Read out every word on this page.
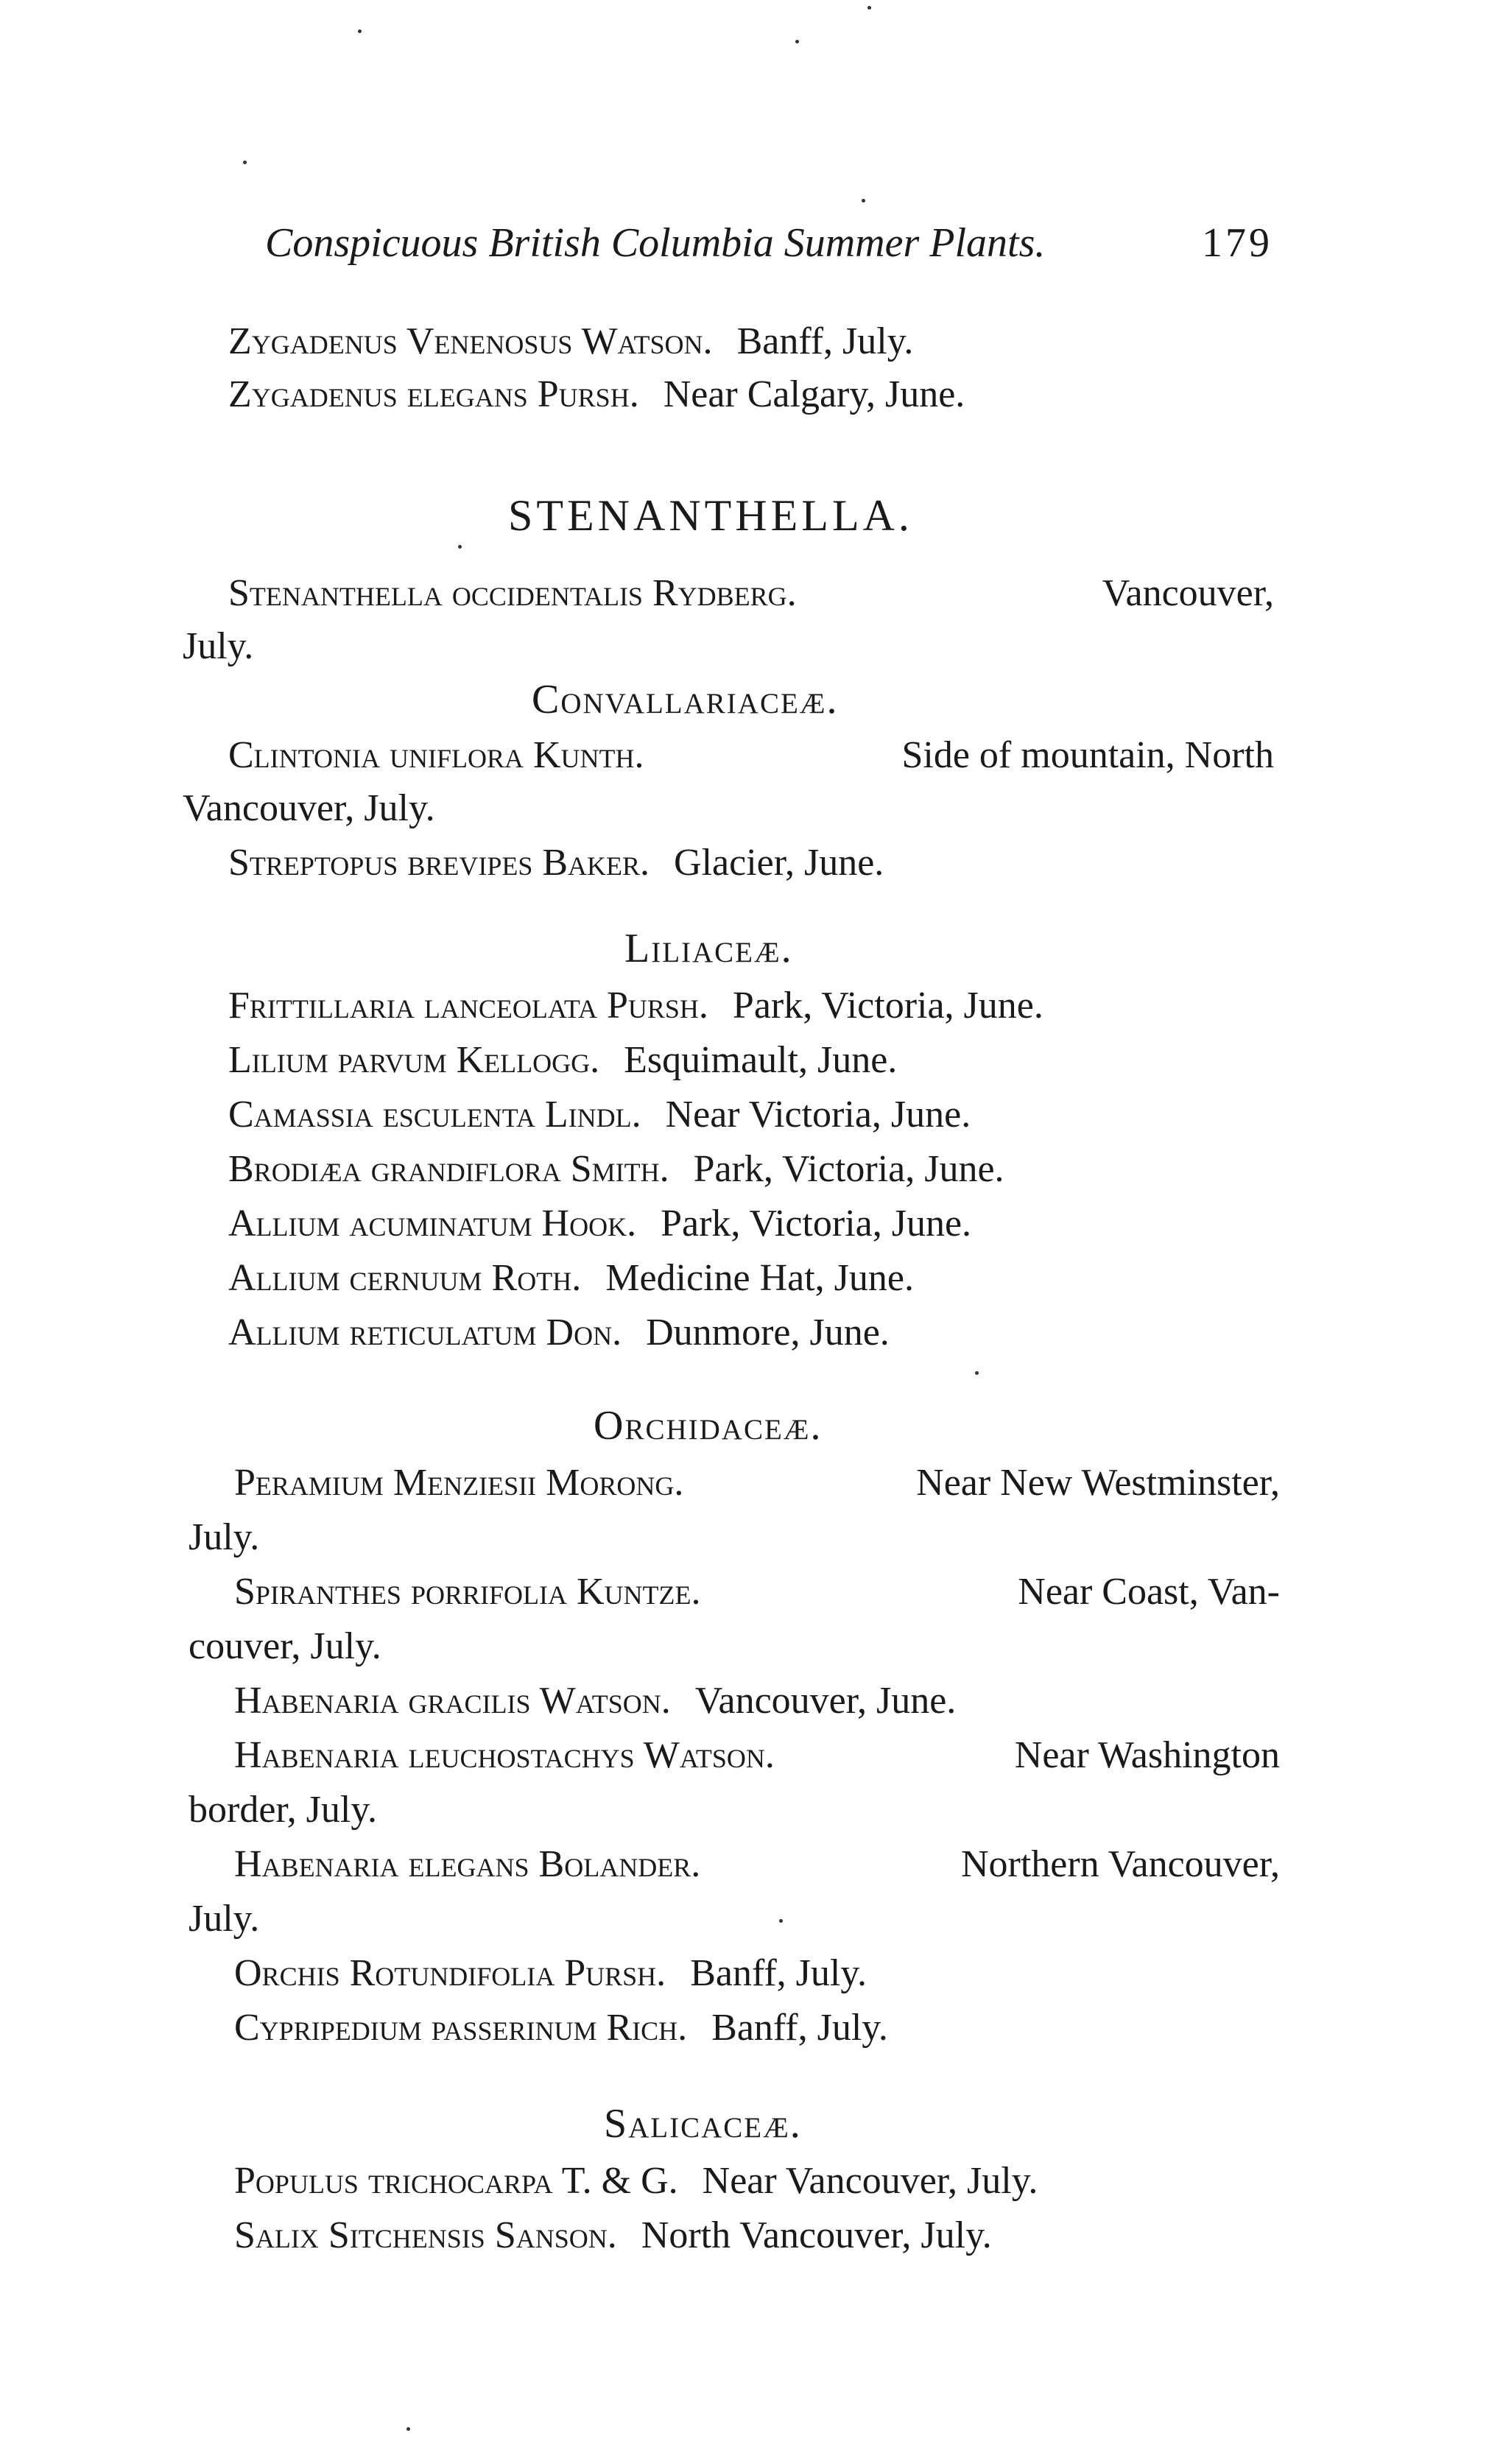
Conspicuous British Columbia Summer Plants.	179
Zygadenus Venenosus Watson. Banff, July.
Zygadenus elegans Pursh. Near Calgary, June.
STENANTHELLA.
Stenanthella occidentalis Rydberg.	Vancouver,
July.
Convallariaceæ.
Clintonia uniflora Kunth.	Side of mountain, North
Vancouver, July.
Streptopus brevipes Baker. Glacier, June.
Liliaceæ.
Frittillaria lanceolata Pursh. Park, Victoria, June.
Lilium parvum Kellogg. Esquimault, June.
Camassia esculenta Lindl. Near Victoria, June.
Brodiæa grandiflora Smith. Park, Victoria, June.
Allium acuminatum Hook. Park, Victoria, June.
Allium cernuum Roth. Medicine Hat, June.
Allium reticulatum Don. Dunmore, June.
Orchidaceæ.
Peramium Menziesii Morong.	Near New Westminster,
July.
Spiranthes porrifolia Kuntze.	Near Coast, Van-
couver, July.
Habenaria gracilis Watson. Vancouver, June.
Habenaria leuchostachys Watson.	Near Washington
border, July.
Habenaria elegans Bolander.	Northern Vancouver,
July.
Orchis Rotundifolia Pursh. Banff, July.
Cypripedium passerinum Rich. Banff, July.
Salicaceæ.
Populus trichocarpa T. & G. Near Vancouver, July.
Salix Sitchensis Sanson. North Vancouver, July.
